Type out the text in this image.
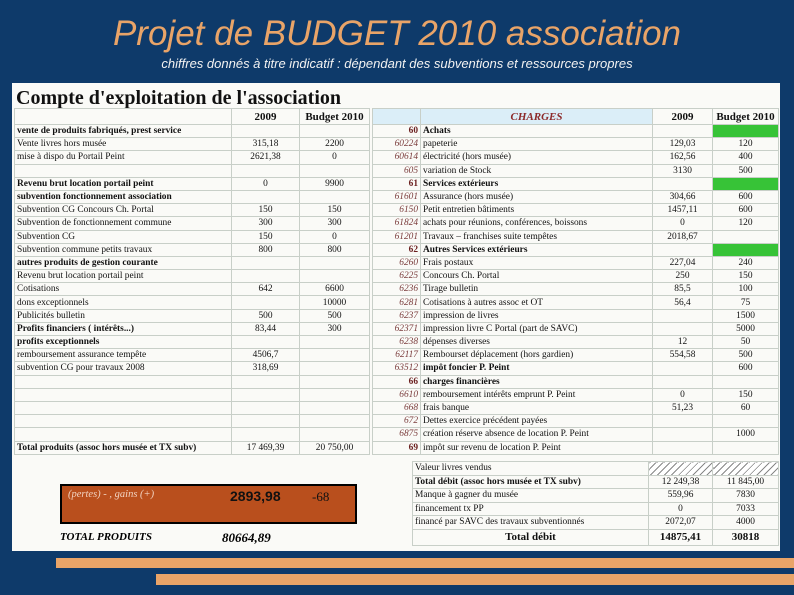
Projet de BUDGET 2010 association
chiffres donnés à titre indicatif : dépendant des subventions et ressources propres
Compte d'exploitation de l'association
	2009	Budget 2010
vente de produits fabriqués, prest service		
Vente livres hors musée	315,18	2200
mise à dispo du Portail Peint	2621,38	0

Revenu brut location portail peint	0	9900
subvention fonctionnement association		
Subvention CG Concours Ch. Portal	150	150
Subvention de fonctionnement commune	300	300
Subvention CG	150	0
Subvention commune petits travaux	800	800
autres produits de gestion courante		
Revenu brut location portail peint		
Cotisations	642	6600
dons exceptionnels		10000
Publicités bulletin	500	500
Profits financiers ( intérêts...)	83,44	300
profits exceptionnels		
remboursement assurance tempête	4506,7	
subvention CG pour travaux 2008	318,69	

Total produits (assoc hors musée et TX subv)	17 469,39	20 750,00
	CHARGES	2009	Budget 2010
60	Achats		
60224	papeterie	129,03	120
60614	électricité (hors musée)	162,56	400
605	variation de Stock	3130	500
61	Services extérieurs		
61601	Assurance (hors musée)	304,66	600
6150	Petit entretien bâtiments	1457,11	600
61824	achats pour réunions, conférences, boissons	0	120
61201	Travaux – franchises suite tempêtes	2018,67	
62	Autres Services extérieurs		
6260	Frais postaux	227,04	240
6225	Concours Ch. Portal	250	150
6236	Tirage bulletin	85,5	100
6281	Cotisations à autres assoc et OT	56,4	75
6237	impression de livres		1500
62371	impression livre C Portal (part de SAVC)		5000
6238	dépenses diverses	12	50
62117	Rembourset déplacement (hors gardien)	554,58	500
63512	impôt foncier P. Peint		600
66	charges financières		
6610	remboursement intérêts emprunt P. Peint	0	150
668	frais banque	51,23	60
672	Dettes exercice précédent payées		
6875	création réserve absence de location P. Peint		1000
69	impôt sur revenu de location P. Peint		
Valeur livres vendus		
Total débit (assoc hors musée et TX subv)	12 249,38	11 845,00
Manque à gagner du musée	559,96	7830
financement tx PP	0	7033
financé par SAVC des travaux subventionnés	2072,07	4000
Total débit	14875,41	30818
(pertes) - , gains (+)	2893,98 -68
TOTAL PRODUITS	80664,89
